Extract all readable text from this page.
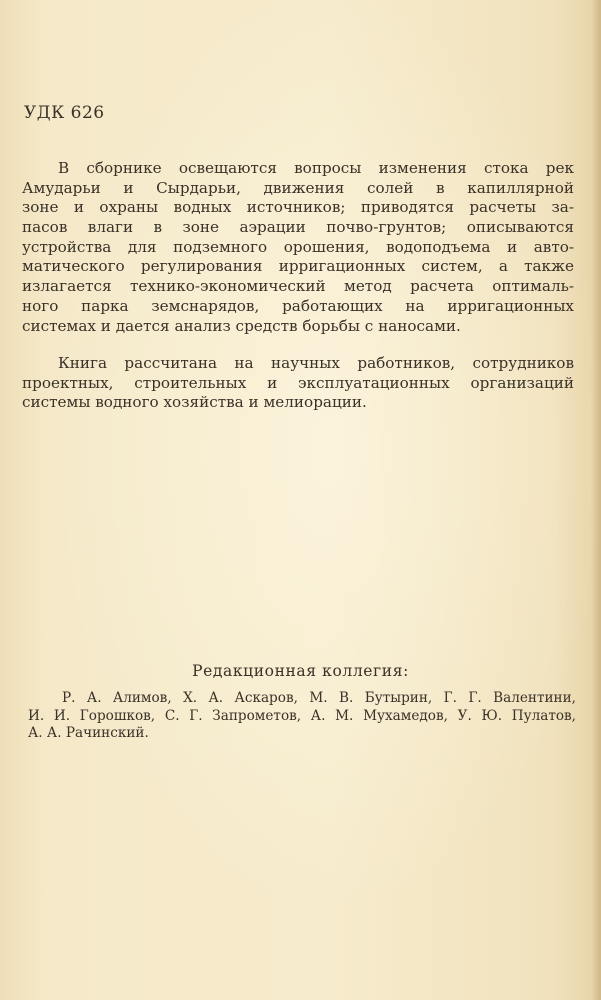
УДК 626
В сборнике освещаются вопросы изменения стока рек
Амударьи и Сырдарьи, движения солей в капиллярной
зоне и охраны водных источников; приводятся расчеты за-
пасов влаги в зоне аэрации почво-грунтов; описываются
устройства для подземного орошения, водоподъема и авто-
матического регулирования ирригационных систем, а также
излагается технико-экономический метод расчета оптималь-
ного парка земснарядов, работающих на ирригационных
системах и дается анализ средств борьбы с наносами.
Книга рассчитана на научных работников, сотрудников
проектных, строительных и эксплуатационных организаций
системы водного хозяйства и мелиорации.
Редакционная коллегия:
Р. А. Алимов, Х. А. Аскаров, М. В. Бутырин, Г. Г. Валентини,
И. И. Горошков, С. Г. Запрометов, А. М. Мухамедов, У. Ю. Пулатов,
А. А. Рачинский.
